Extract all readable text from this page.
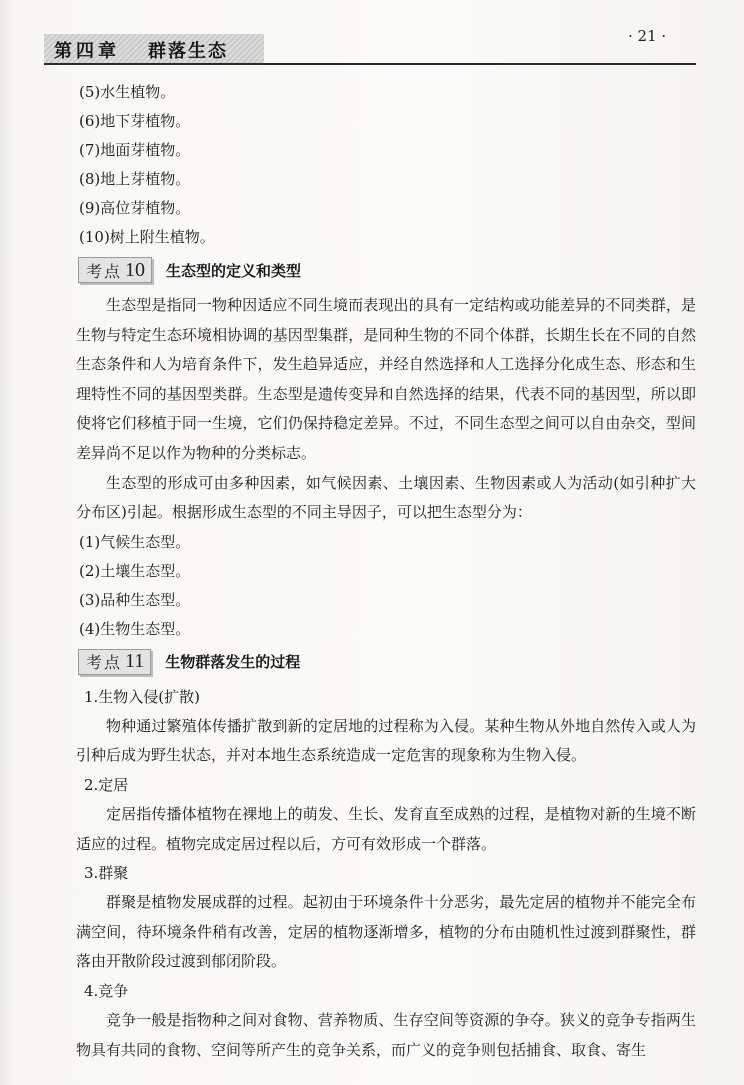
第四章 群落生态
· 21 ·
(5)水生植物。
(6)地下芽植物。
(7)地面芽植物。
(8)地上芽植物。
(9)高位芽植物。
(10)树上附生植物。
考点 10 生态型的定义和类型

生态型是指同一物种因适应不同生境而表现出的具有一定结构或功能差异的不同类群，是生物与特定生态环境相协调的基因型集群，是同种生物的不同个体群，长期生长在不同的自然生态条件和人为培育条件下，发生趋异适应，并经自然选择和人工选择分化成生态、形态和生理特性不同的基因型类群。生态型是遗传变异和自然选择的结果，代表不同的基因型，所以即使将它们移植于同一生境，它们仍保持稳定差异。不过，不同生态型之间可以自由杂交，型间差异尚不足以作为物种的分类标志。

生态型的形成可由多种因素，如气候因素、土壤因素、生物因素或人为活动(如引种扩大分布区)引起。根据形成生态型的不同主导因子，可以把生态型分为：

(1)气候生态型。
(2)土壤生态型。
(3)品种生态型。
(4)生物生态型。
考点 11 生物群落发生的过程
1.生物入侵(扩散)

物种通过繁殖体传播扩散到新的定居地的过程称为入侵。某种生物从外地自然传入或人为引种后成为野生状态，并对本地生态系统造成一定危害的现象称为生物入侵。

2.定居

定居指传播体植物在裸地上的萌发、生长、发育直至成熟的过程，是植物对新的生境不断适应的过程。植物完成定居过程以后，方可有效形成一个群落。

3.群聚

群聚是植物发展成群的过程。起初由于环境条件十分恶劣，最先定居的植物并不能完全布满空间，待环境条件稍有改善，定居的植物逐渐增多，植物的分布由随机性过渡到群聚性，群落由开散阶段过渡到郁闭阶段。

4.竞争

竞争一般是指物种之间对食物、营养物质、生存空间等资源的争夺。狭义的竞争专指两生物具有共同的食物、空间等所产生的竞争关系，而广义的竞争则包括捕食、取食、寄生
